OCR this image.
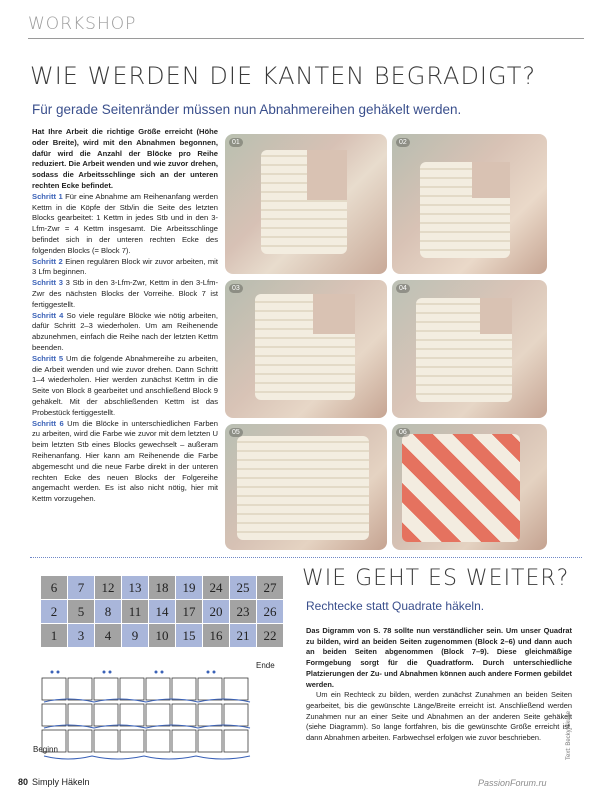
WORKSHOP
WIE WERDEN DIE KANTEN BEGRADIGT?
Für gerade Seitenränder müssen nun Abnahmereihen gehäkelt werden.

Hat Ihre Arbeit die richtige Größe erreicht (Höhe oder Breite), wird mit den Abnahmen begonnen, dafür wird die Anzahl der Blöcke pro Reihe reduziert. Die Arbeit wenden und wie zuvor drehen, sodass die Arbeitsschlinge sich an der unteren rechten Ecke befindet.

Schritt 1 Für eine Abnahme am Reihenanfang werden Kettm in die Köpfe der Stb/in die Seite des letzten Blocks gearbeitet: 1 Kettm in jedes Stb und in den 3-Lfm-Zwr = 4 Kettm insgesamt. Die Arbeitsschlinge befindet sich in der unteren rechten Ecke des folgenden Blocks (= Block 7).

Schritt 2 Einen regulären Block wir zuvor arbeiten, mit 3 Lfm beginnen.

Schritt 3 3 Stb in den 3-Lfm-Zwr, Kettm in den 3-Lfm-Zwr des nächsten Blocks der Vorreihe. Block 7 ist fertiggestellt.

Schritt 4 So viele reguläre Blöcke wie nötig arbeiten, dafür Schritt 2–3 wiederholen. Um am Reihenende abzunehmen, einfach die Reihe nach der letzten Kettm beenden.

Schritt 5 Um die folgende Abnahmereihe zu arbeiten, die Arbeit wenden und wie zuvor drehen. Dann Schritt 1–4 wiederholen. Hier werden zunächst Kettm in die Seite von Block 8 gearbeitet und anschließend Block 9 gehäkelt. Mit der abschließenden Kettm ist das Probestück fertiggestellt.

Schritt 6 Um die Blöcke in unterschiedlichen Farben zu arbeiten, wird die Farbe wie zuvor mit dem letzten U beim letzten Stb eines Blocks gewechselt – außeram Reihenanfang. Hier kann am Reihenende die Farbe abgemescht und die neue Farbe direkt in der unteren rechten Ecke des neuen Blocks der Folgereihe angemacht werden. Es ist also nicht nötig, hier mit Kettm vorzugehen.

01	02
03	04
05	06
6	7	12	13	18	19	24	25	27
2	5	8	11	14	17	20	23	26
1	3	4	9	10	15	16	21	22
Ende
Beginn
WIE GEHT ES WEITER?
Rechtecke statt Quadrate häkeln.

Das Digramm von S. 78 sollte nun verständlicher sein. Um unser Quadrat zu bilden, wird an beiden Seiten zugenommen (Block 2–6) und dann auch an beiden Seiten abgenommen (Block 7–9). Diese gleichmäßige Formgebung sorgt für die Quadratform. Durch unterschiedliche Platzierungen der Zu- und Abnahmen können auch andere Formen gebildet werden.

Um ein Rechteck zu bilden, werden zunächst Zunahmen an beiden Seiten gearbeitet, bis die gewünschte Länge/Breite erreicht ist. Anschließend werden Zunahmen nur an einer Seite und Abnahmen an der anderen Seite gehäkelt (siehe Diagramm). So lange fortfahren, bis die gewünschte Größe erreicht ist, dann Abnahmen arbeiten. Farbwechsel erfolgen wie zuvor beschrieben.	Text: Becky Skuse
80 Simply Häkeln	PassionForum.ru
